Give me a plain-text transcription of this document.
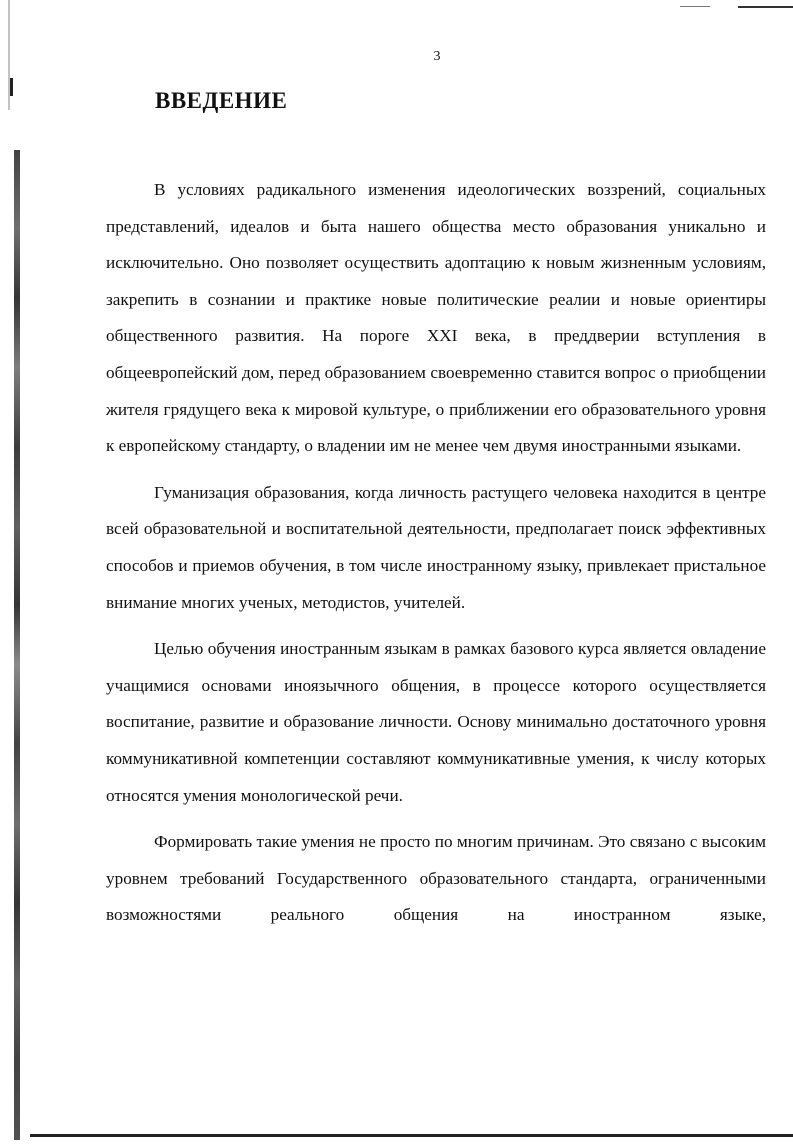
3
ВВЕДЕНИЕ

В условиях радикального изменения идеологических воззрений, социальных представлений, идеалов и быта нашего общества место образования уникально и исключительно. Оно позволяет осуществить адоптацию к новым жизненным условиям, закрепить в сознании и практике новые политические реалии и новые ориентиры общественного развития. На пороге XXI века, в преддверии вступления в общеевропейский дом, перед образованием своевременно ставится вопрос о приобщении жителя грядущего века к мировой культуре, о приближении его образовательного уровня к европейскому стандарту, о владении им не менее чем двумя иностранными языками.

Гуманизация образования, когда личность растущего человека находится в центре всей образовательной и воспитательной деятельности, предполагает поиск эффективных способов и приемов обучения, в том числе иностранному языку, привлекает пристальное внимание многих ученых, методистов, учителей.

Целью обучения иностранным языкам в рамках базового курса является овладение учащимися основами иноязычного общения, в процессе которого осуществляется воспитание, развитие и образование личности. Основу минимально достаточного уровня коммуникативной компетенции составляют коммуникативные умения, к числу которых относятся умения монологической речи.

Формировать такие умения не просто по многим причинам. Это связано с высоким уровнем требований Государственного образовательного стандарта, ограниченными возможностями реального общения на иностранном языке,
